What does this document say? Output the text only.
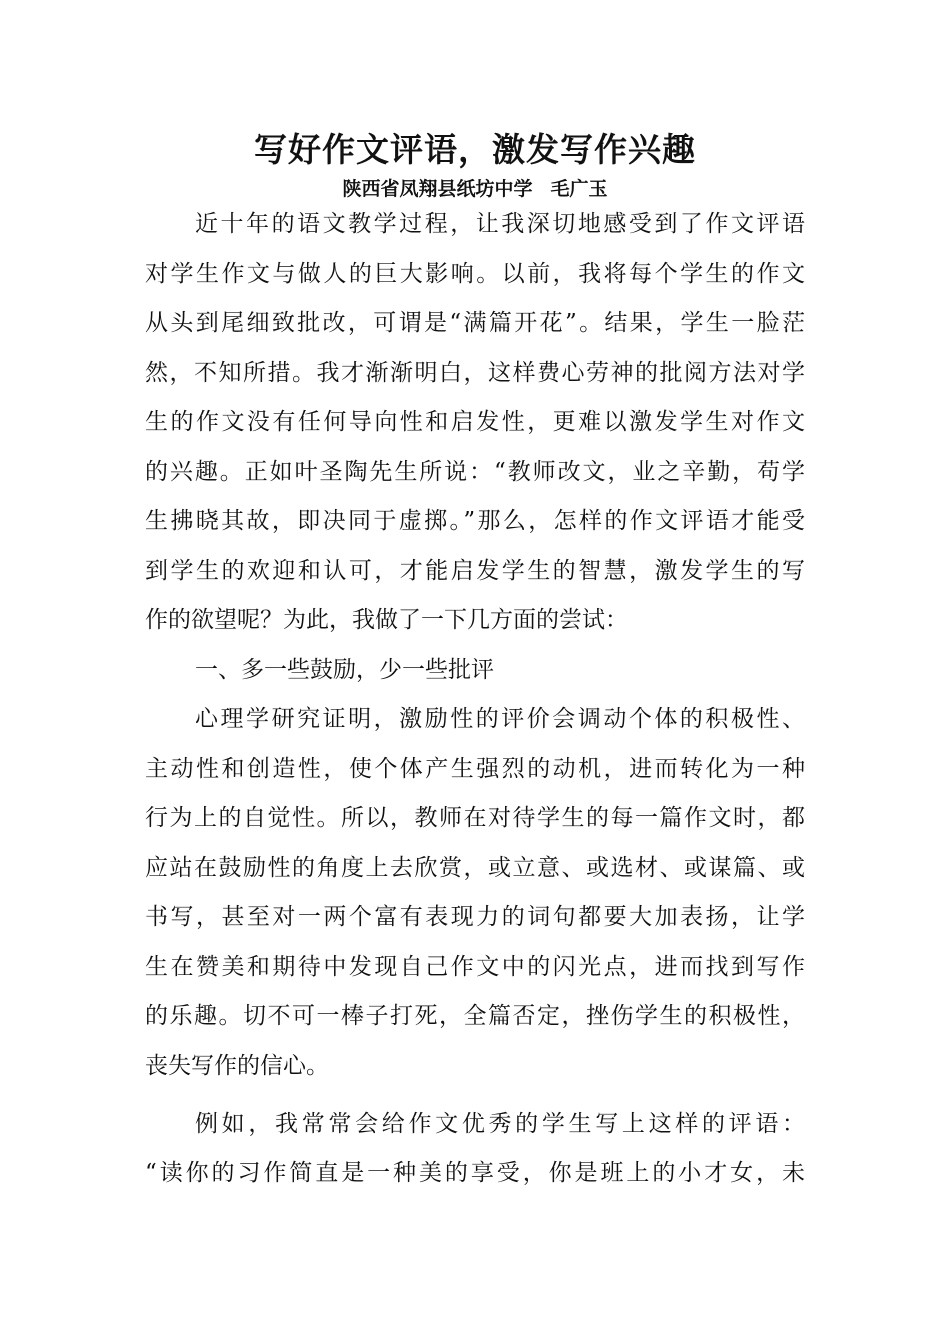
写好作文评语，激发写作兴趣

陕西省凤翔县纸坊中学 毛广玉

近十年的语文教学过程，让我深切地感受到了作文评语

对学生作文与做人的巨大影响。以前，我将每个学生的作文

从头到尾细致批改，可谓是“满篇开花”。结果，学生一脸茫

然，不知所措。我才渐渐明白，这样费心劳神的批阅方法对学

生的作文没有任何导向性和启发性，更难以激发学生对作文

的兴趣。正如叶圣陶先生所说：“教师改文，业之辛勤，苟学

生拂晓其故，即决同于虚掷。”那么，怎样的作文评语才能受

到学生的欢迎和认可，才能启发学生的智慧，激发学生的写

作的欲望呢？为此，我做了一下几方面的尝试：

一、多一些鼓励，少一些批评

心理学研究证明，激励性的评价会调动个体的积极性、

主动性和创造性，使个体产生强烈的动机，进而转化为一种

行为上的自觉性。所以，教师在对待学生的每一篇作文时，都

应站在鼓励性的角度上去欣赏，或立意、或选材、或谋篇、或

书写，甚至对一两个富有表现力的词句都要大加表扬，让学

生在赞美和期待中发现自己作文中的闪光点，进而找到写作

的乐趣。切不可一棒子打死，全篇否定，挫伤学生的积极性，

丧失写作的信心。

例如，我常常会给作文优秀的学生写上这样的评语：

“读你的习作简直是一种美的享受，你是班上的小才女，未
